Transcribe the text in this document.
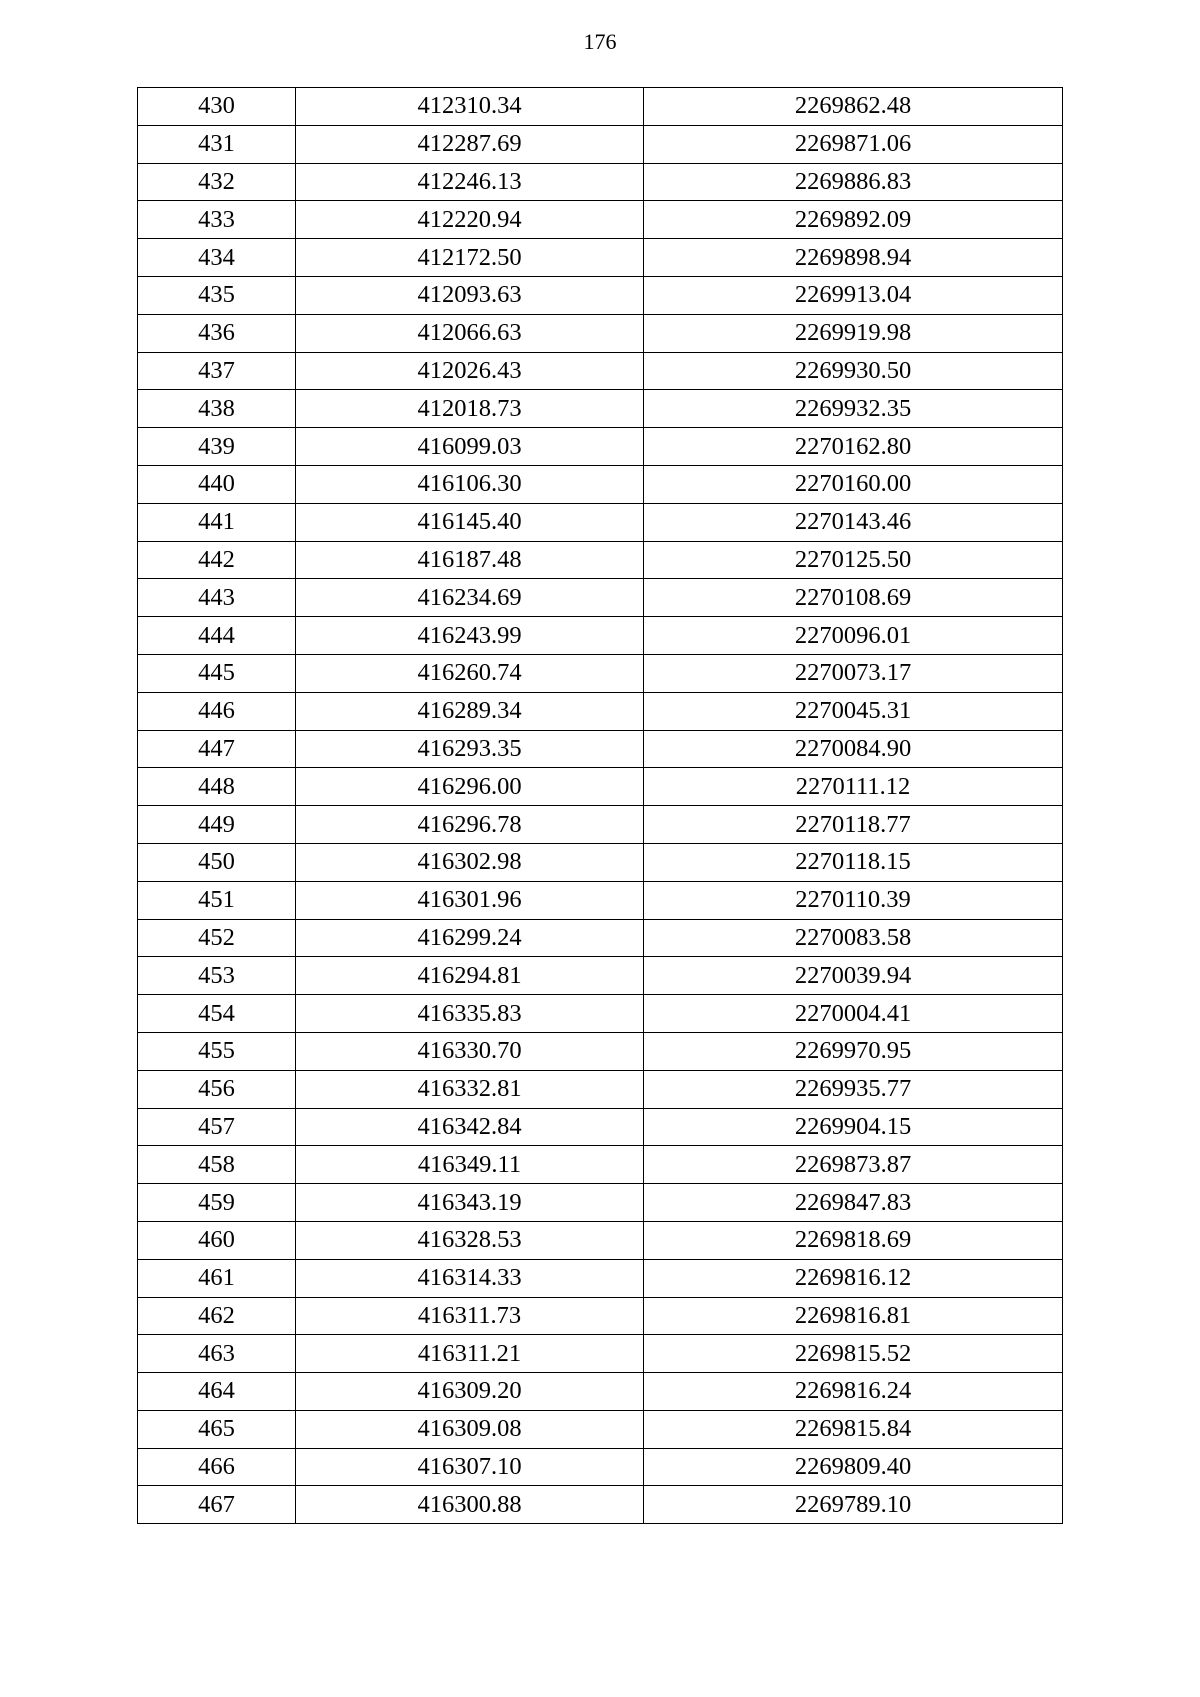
176
430	412310.34	2269862.48
431	412287.69	2269871.06
432	412246.13	2269886.83
433	412220.94	2269892.09
434	412172.50	2269898.94
435	412093.63	2269913.04
436	412066.63	2269919.98
437	412026.43	2269930.50
438	412018.73	2269932.35
439	416099.03	2270162.80
440	416106.30	2270160.00
441	416145.40	2270143.46
442	416187.48	2270125.50
443	416234.69	2270108.69
444	416243.99	2270096.01
445	416260.74	2270073.17
446	416289.34	2270045.31
447	416293.35	2270084.90
448	416296.00	2270111.12
449	416296.78	2270118.77
450	416302.98	2270118.15
451	416301.96	2270110.39
452	416299.24	2270083.58
453	416294.81	2270039.94
454	416335.83	2270004.41
455	416330.70	2269970.95
456	416332.81	2269935.77
457	416342.84	2269904.15
458	416349.11	2269873.87
459	416343.19	2269847.83
460	416328.53	2269818.69
461	416314.33	2269816.12
462	416311.73	2269816.81
463	416311.21	2269815.52
464	416309.20	2269816.24
465	416309.08	2269815.84
466	416307.10	2269809.40
467	416300.88	2269789.10
